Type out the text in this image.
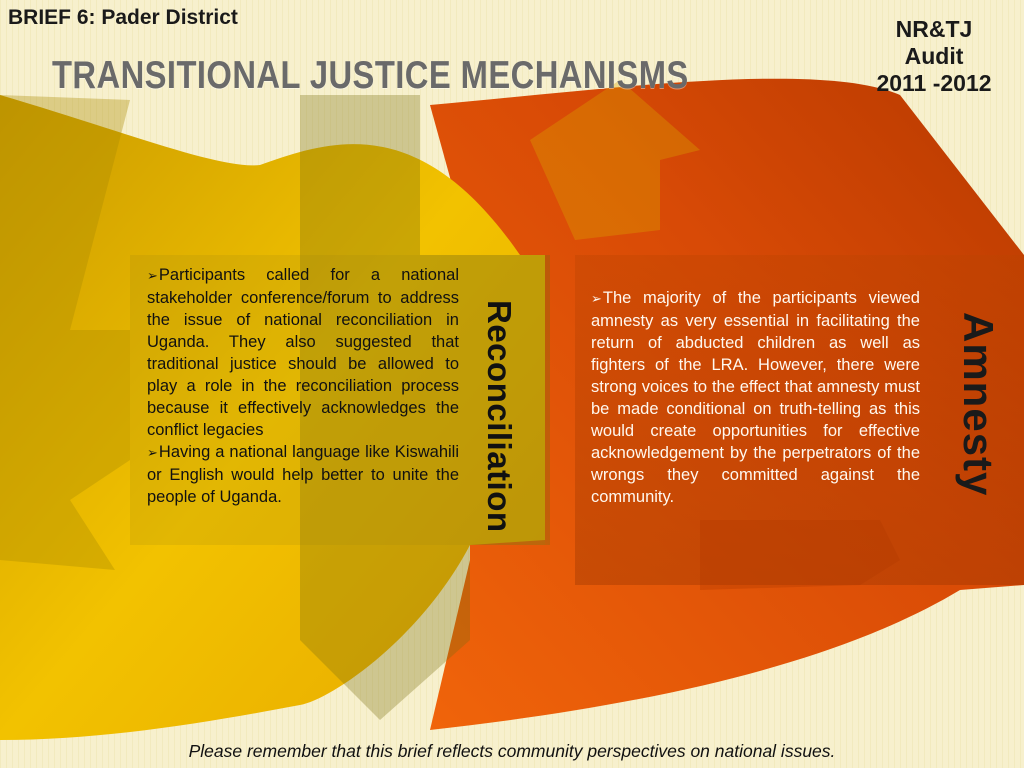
BRIEF 6: Pader District	NR&TJ
Audit
2011 -2012
TRANSITIONAL JUSTICE MECHANISMS

➢Participants called for a national stakeholder conference/forum to address the issue of national reconciliation in Uganda. They also suggested that traditional justice should be allowed to play a role in the reconciliation process because it effectively acknowledges the conflict legacies

➢Having a national language like Kiswahili or English would help better to unite the people of Uganda.	Reconciliation

➢The majority of the participants viewed amnesty as very essential in facilitating the return of abducted children as well as fighters of the LRA. However, there were strong voices to the effect that amnesty must be made conditional on truth-telling as this would create opportunities for effective acknowledgement by the perpetrators of the wrongs they committed against the community.

Amnesty
Please remember that this brief reflects community perspectives on national issues.
